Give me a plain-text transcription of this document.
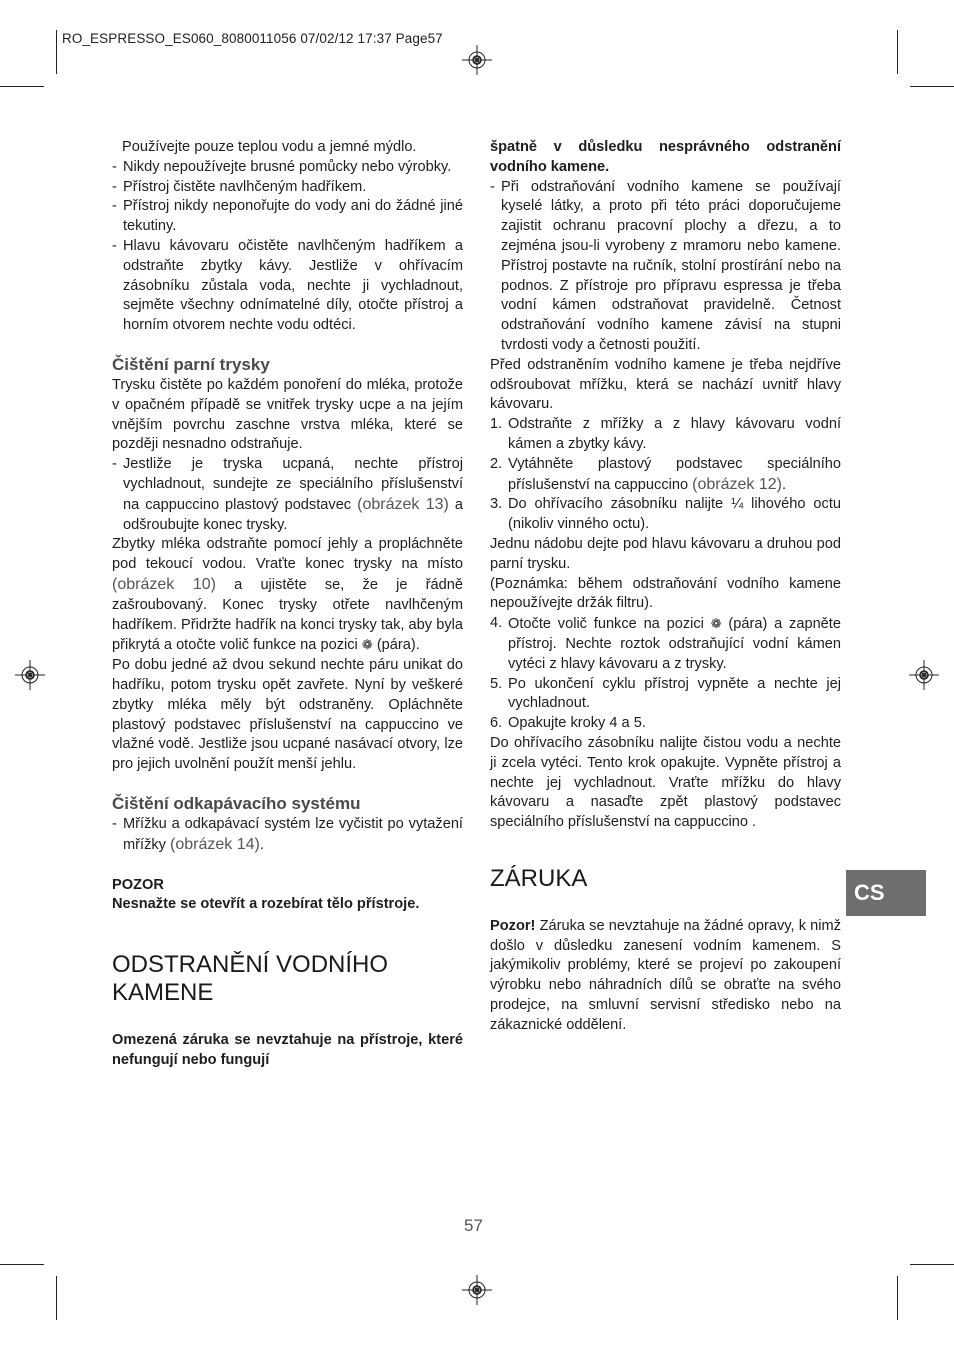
RO_ESPRESSO_ES060_8080011056 07/02/12 17:37 Page57

Používejte pouze teplou vodu a jemné mýdlo.

- Nikdy nepoužívejte brusné pomůcky nebo výrobky.
- Přístroj čistěte navlhčeným hadříkem.
- Přístroj nikdy neponořujte do vody ani do žádné jiné tekutiny.
- Hlavu kávovaru očistěte navlhčeným hadříkem a odstraňte zbytky kávy. Jestliže v ohřívacím zásobníku zůstala voda, nechte ji vychladnout, sejměte všechny odnímatelné díly, otočte přístroj a horním otvorem nechte vodu odtéci.
Čištění parní trysky

Trysku čistěte po každém ponoření do mléka, protože v opačném případě se vnitřek trysky ucpe a na jejím vnějším povrchu zaschne vrstva mléka, které se později nesnadno odstraňuje.

- Jestliže je tryska ucpaná, nechte přístroj vychladnout, sundejte ze speciálního příslušenství na cappuccino plastový podstavec (obrázek 13) a odšroubujte konec trysky.

Zbytky mléka odstraňte pomocí jehly a propláchněte pod tekoucí vodou. Vraťte konec trysky na místo (obrázek 10) a ujistěte se, že je řádně zašroubovaný. Konec trysky otřete navlhčeným hadříkem. Přidržte hadřík na konci trysky tak, aby byla přikrytá a otočte volič funkce na pozici ❁ (pára).

Po dobu jedné až dvou sekund nechte páru unikat do hadříku, potom trysku opět zavřete. Nyní by veškeré zbytky mléka měly být odstraněny. Opláchněte plastový podstavec příslušenství na cappuccino ve vlažné vodě. Jestliže jsou ucpané nasávací otvory, lze pro jejich uvolnění použít menší jehlu.

Čištění odkapávacího systému
- Mřížku a odkapávací systém lze vyčistit po vytažení mřížky (obrázek 14).
POZOR

Nesnažte se otevřít a rozebírat tělo přístroje.

ODSTRANĚNÍ VODNÍHO
KAMENE

Omezená záruka se nevztahuje na přístroje, které nefungují nebo fungují

špatně v důsledku nesprávného odstranění vodního kamene.

- Při odstraňování vodního kamene se používají kyselé látky, a proto při této práci doporučujeme zajistit ochranu pracovní plochy a dřezu, a to zejména jsou-li vyrobeny z mramoru nebo kamene. Přístroj postavte na ručník, stolní prostírání nebo na podnos. Z přístroje pro přípravu espressa je třeba vodní kámen odstraňovat pravidelně. Četnost odstraňování vodního kamene závisí na stupni tvrdosti vody a četnosti použití.

Před odstraněním vodního kamene je třeba nejdříve odšroubovat mřížku, která se nachází uvnitř hlavy kávovaru.

1. Odstraňte z mřížky a z hlavy kávovaru vodní kámen a zbytky kávy.
2. Vytáhněte plastový podstavec speciálního příslušenství na cappuccino (obrázek 12).
3. Do ohřívacího zásobníku nalijte ¼ lihového octu (nikoliv vinného octu).

Jednu nádobu dejte pod hlavu kávovaru a druhou pod parní trysku.

(Poznámka: během odstraňování vodního kamene nepoužívejte držák filtru).

4. Otočte volič funkce na pozici ❁ (pára) a zapněte přístroj. Nechte roztok odstraňující vodní kámen vytéci z hlavy kávovaru a z trysky.
5. Po ukončení cyklu přístroj vypněte a nechte jej vychladnout.
6. Opakujte kroky 4 a 5.

Do ohřívacího zásobníku nalijte čistou vodu a nechte ji zcela vytéci. Tento krok opakujte. Vypněte přístroj a nechte jej vychladnout. Vraťte mřížku do hlavy kávovaru a nasaďte zpět plastový podstavec speciálního příslušenství na cappuccino .

ZÁRUKA

Pozor! Záruka se nevztahuje na žádné opravy, k nimž došlo v důsledku zanesení vodním kamenem. S jakýmikoliv problémy, které se projeví po zakoupení výrobku nebo náhradních dílů se obraťte na svého prodejce, na smluvní servisní středisko nebo na zákaznické oddělení.

CS
57
